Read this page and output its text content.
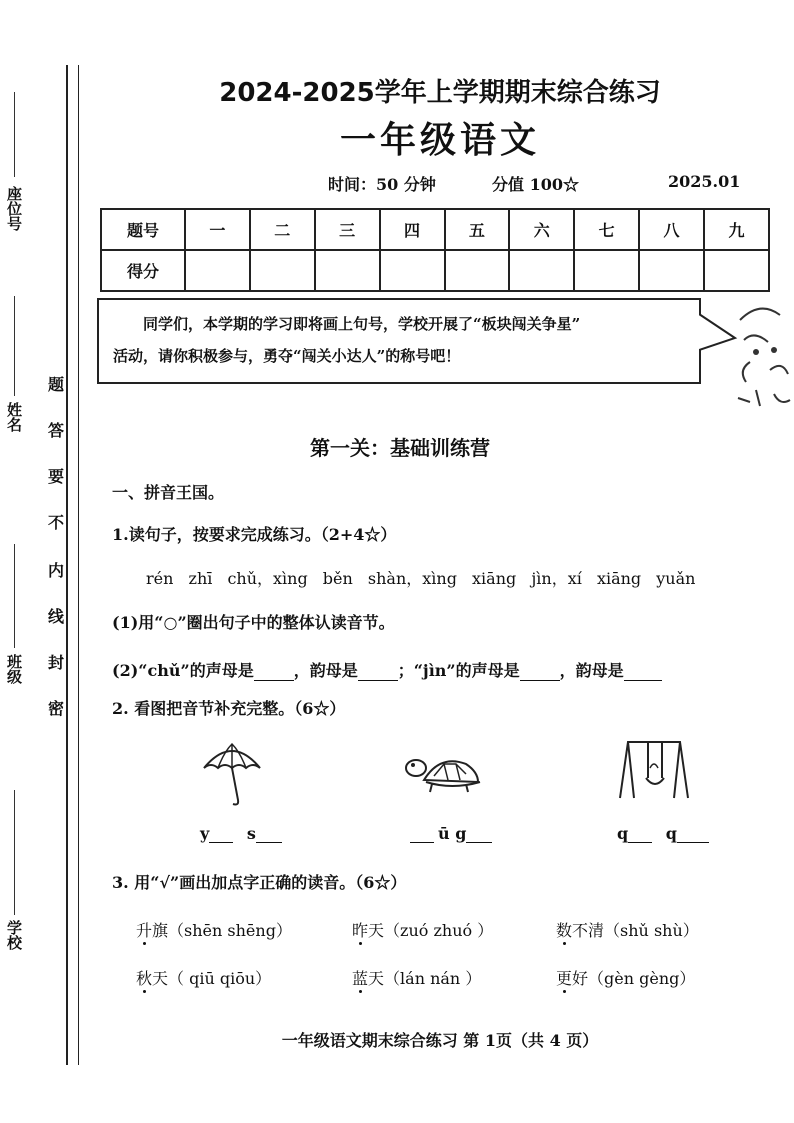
座位号
姓名
班级
学校
题
答
要
不
内
线
封
密
2024-2025学年上学期期末综合练习
一年级语文
时间：50 分钟	分值 100☆	2025.01
题号	一	二	三	四	五	六	七	八	九
得分									
同学们，本学期的学习即将画上句号，学校开展了“板块闯关争星”
活动，请你积极参与，勇夺“闯关小达人”的称号吧！
第一关：基础训练营
一、拼音王国。
1.读句子，按要求完成练习。（2+4☆）
rén zhī chǔ，xìng běn shàn，xìng xiāng jìn，xí xiāng yuǎn
(1)用“○”圈出句子中的整体认读音节。
(2)“chǔ”的声母是	，韵母是	；“jìn”的声母是	，韵母是
2. 看图把音节补充完整。（6☆）
y s	ū g	q q
3. 用“√”画出加点字正确的读音。（6☆）
升旗（shēn shēng）	昨天（zuó zhuó ）	数不清（shǔ shù）
秋天（ qiū qiōu）	蓝天（lán nán ）	更好（gèn gèng）
一年级语文期末综合练习 第 1页（共 4 页）
